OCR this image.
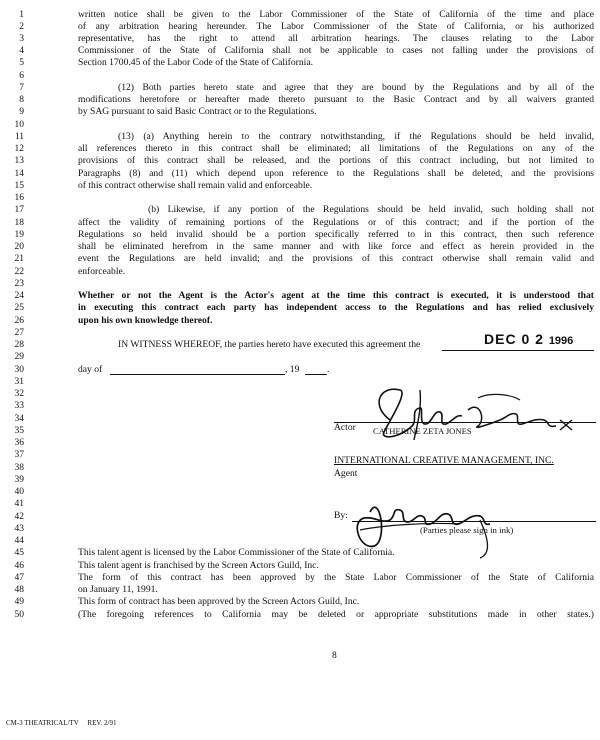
1
2
3
4
5
6
7
8
9
10
11
12
13
14
15
16
17
18
19
20
21
22
23
24
25
26
27
28
29
30
31
32
33
34
35
36
37
38
39
40
41
42
43
44
45
46
47
48
49
50
written notice shall be given to the Labor Commissioner of the State of California of the time and place
of any arbitration hearing hereunder. The Labor Commissioner of the State of California, or his authorized
representative, has the right to attend all arbitration hearings. The clauses relating to the Labor
Commissioner of the State of California shall not be applicable to cases not falling under the provisions of
Section 1700.45 of the Labor Code of the State of California.
(12) Both parties hereto state and agree that they are bound by the Regulations and by all of the
modifications heretofore or hereafter made thereto pursuant to the Basic Contract and by all waivers granted
by SAG pursuant to said Basic Contract or to the Regulations.
(13) (a) Anything herein to the contrary notwithstanding, if the Regulations should be held invalid,
all references thereto in this contract shall be eliminated; all limitations of the Regulations on any of the
provisions of this contract shall be released, and the portions of this contract including, but not limited to
Paragraphs (8) and (11) which depend upon reference to the Regulations shall be deleted, and the provisions
of this contract otherwise shall remain valid and enforceable.
(b) Likewise, if any portion of the Regulations should be held invalid, such holding shall not
affect the validity of remaining portions of the Regulations or of this contract; and if the portion of the
Regulations so held invalid should be a portion specifically referred to in this contract, then such reference
shall be eliminated herefrom in the same manner and with like force and effect as herein provided in the
event the Regulations are held invalid; and the provisions of this contract otherwise shall remain valid and
enforceable.
Whether or not the Agent is the Actor's agent at the time this contract is executed, it is understood that
in executing this contract each party has independent access to the Regulations and has relied exclusively
upon his own knowledge thereof.
IN WITNESS WHEREOF, the parties hereto have executed this agreement the	DEC 0 2 1996
day of	, 19	.
Actor CATHERINE ZETA JONES
INTERNATIONAL CREATIVE MANAGEMENT, INC.
Agent
By:
(Parties please sign in ink)
This talent agent is licensed by the Labor Commissioner of the State of California.
This talent agent is franchised by the Screen Actors Guild, Inc.
The form of this contract has been approved by the State Labor Commissioner of the State of California
on January 11, 1991.
This form of contract has been approved by the Screen Actors Guild, Inc.
(The foregoing references to California may be deleted or appropriate substitutions made in other states.)
8
CM-3 THEATRICAL/TV     REV. 2/91
